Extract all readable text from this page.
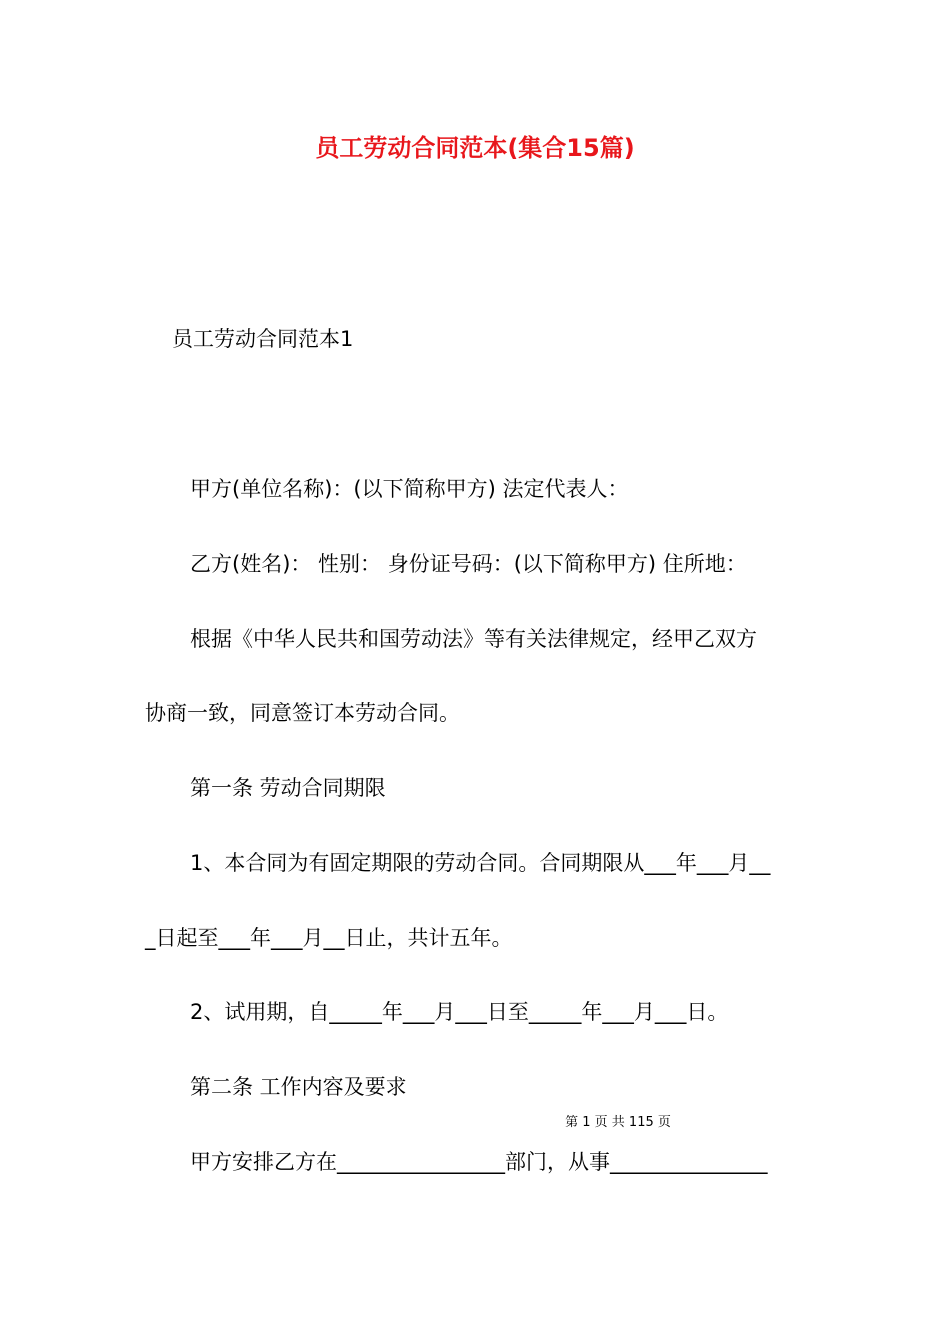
员工劳动合同范本(集合15篇)
员工劳动合同范本1
甲方(单位名称)：(以下简称甲方) 法定代表人：
乙方(姓名)： 性别： 身份证号码：(以下简称甲方) 住所地：
根据《中华人民共和国劳动法》等有关法律规定，经甲乙双方
协商一致，同意签订本劳动合同。
第一条 劳动合同期限
1、本合同为有固定期限的劳动合同。合同期限从___年___月__
_日起至___年___月__日止，共计五年。
2、试用期，自_____年___月___日至_____年___月___日。
第二条 工作内容及要求
第 1 页 共 115 页
甲方安排乙方在________________部门，从事_______________
